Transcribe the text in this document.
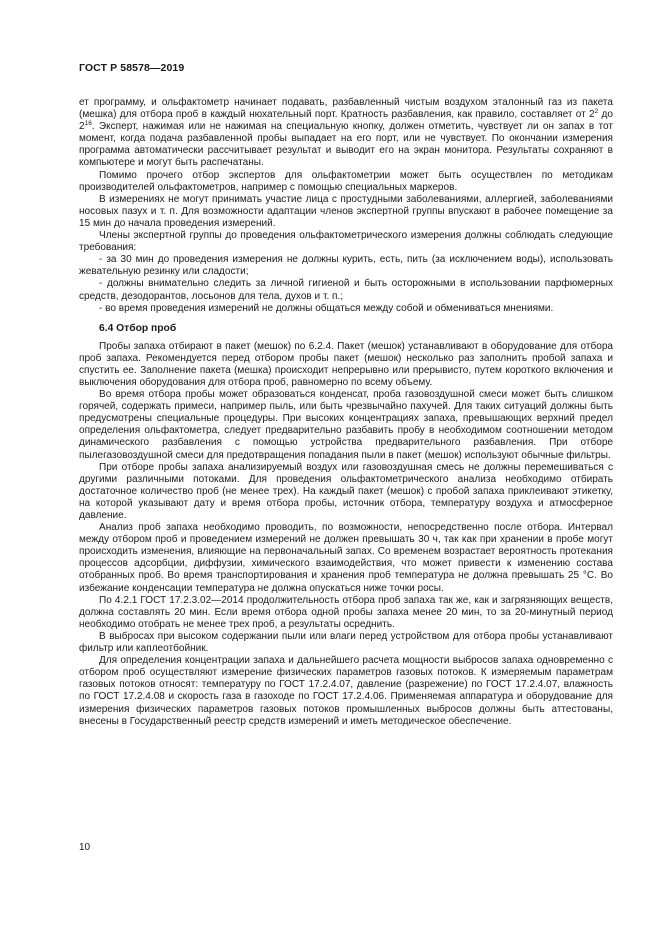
ГОСТ Р 58578—2019

ет программу, и ольфактометр начинает подавать, разбавленный чистым воздухом эталонный газ из пакета (мешка) для отбора проб в каждый нюхательный порт. Кратность разбавления, как правило, составляет от $2^2$ до $2^{16}$. Эксперт, нажимая или не нажимая на специальную кнопку, должен отметить, чувствует ли он запах в тот момент, когда подача разбавленной пробы выпадает на его порт, или не чувствует. По окончании измерения программа автоматически рассчитывает результат и выводит его на экран монитора. Результаты сохраняют в компьютере и могут быть распечатаны.

Помимо прочего отбор экспертов для ольфактометрии может быть осуществлен по методикам производителей ольфактометров, например с помощью специальных маркеров.

В измерениях не могут принимать участие лица с простудными заболеваниями, аллергией, заболеваниями носовых пазух и т. п. Для возможности адаптации членов экспертной группы впускают в рабочее помещение за 15 мин до начала проведения измерений.

Члены экспертной группы до проведения ольфактометрического измерения должны соблюдать следующие требования:

- за 30 мин до проведения измерения не должны курить, есть, пить (за исключением воды), использовать жевательную резинку или сладости;

- должны внимательно следить за личной гигиеной и быть осторожными в использовании парфюмерных средств, дезодорантов, лосьонов для тела, духов и т. п.;

- во время проведения измерений не должны общаться между собой и обмениваться мнениями.

6.4 Отбор проб

Пробы запаха отбирают в пакет (мешок) по 6.2.4. Пакет (мешок) устанавливают в оборудование для отбора проб запаха. Рекомендуется перед отбором пробы пакет (мешок) несколько раз заполнить пробой запаха и спустить ее. Заполнение пакета (мешка) происходит непрерывно или прерывисто, путем короткого включения и выключения оборудования для отбора проб, равномерно по всему объему.

Во время отбора пробы может образоваться конденсат, проба газовоздушной смеси может быть слишком горячей, содержать примеси, например пыль, или быть чрезвычайно пахучей. Для таких ситуаций должны быть предусмотрены специальные процедуры. При высоких концентрациях запаха, превышающих верхний предел определения ольфактометра, следует предварительно разбавить пробу в необходимом соотношении методом динамического разбавления с помощью устройства предварительного разбавления. При отборе пылегазовоздушной смеси для предотвращения попадания пыли в пакет (мешок) используют обычные фильтры.

При отборе пробы запаха анализируемый воздух или газовоздушная смесь не должны перемешиваться с другими различными потоками. Для проведения ольфактометрического анализа необходимо отбирать достаточное количество проб (не менее трех). На каждый пакет (мешок) с пробой запаха приклеивают этикетку, на которой указывают дату и время отбора пробы, источник отбора, температуру воздуха и атмосферное давление.

Анализ проб запаха необходимо проводить, по возможности, непосредственно после отбора. Интервал между отбором проб и проведением измерений не должен превышать 30 ч, так как при хранении в пробе могут происходить изменения, влияющие на первоначальный запах. Со временем возрастает вероятность протекания процессов адсорбции, диффузии, химического взаимодействия, что может привести к изменению состава отобранных проб. Во время транспортирования и хранения проб температура не должна превышать 25 °С. Во избежание конденсации температура не должна опускаться ниже точки росы.

По 4.2.1 ГОСТ 17.2.3.02—2014 продолжительность отбора проб запаха так же, как и загрязняющих веществ, должна составлять 20 мин. Если время отбора одной пробы запаха менее 20 мин, то за 20-минутный период необходимо отобрать не менее трех проб, а результаты осреднить.

В выбросах при высоком содержании пыли или влаги перед устройством для отбора пробы устанавливают фильтр или каплеотбойник.

Для определения концентрации запаха и дальнейшего расчета мощности выбросов запаха одновременно с отбором проб осуществляют измерение физических параметров газовых потоков. К измеряемым параметрам газовых потоков относят: температуру по ГОСТ 17.2.4.07, давление (разрежение) по ГОСТ 17.2.4.07, влажность по ГОСТ 17.2.4.08 и скорость газа в газоходе по ГОСТ 17.2.4.06. Применяемая аппаратура и оборудование для измерения физических параметров газовых потоков промышленных выбросов должны быть аттестованы, внесены в Государственный реестр средств измерений и иметь методическое обеспечение.

10
